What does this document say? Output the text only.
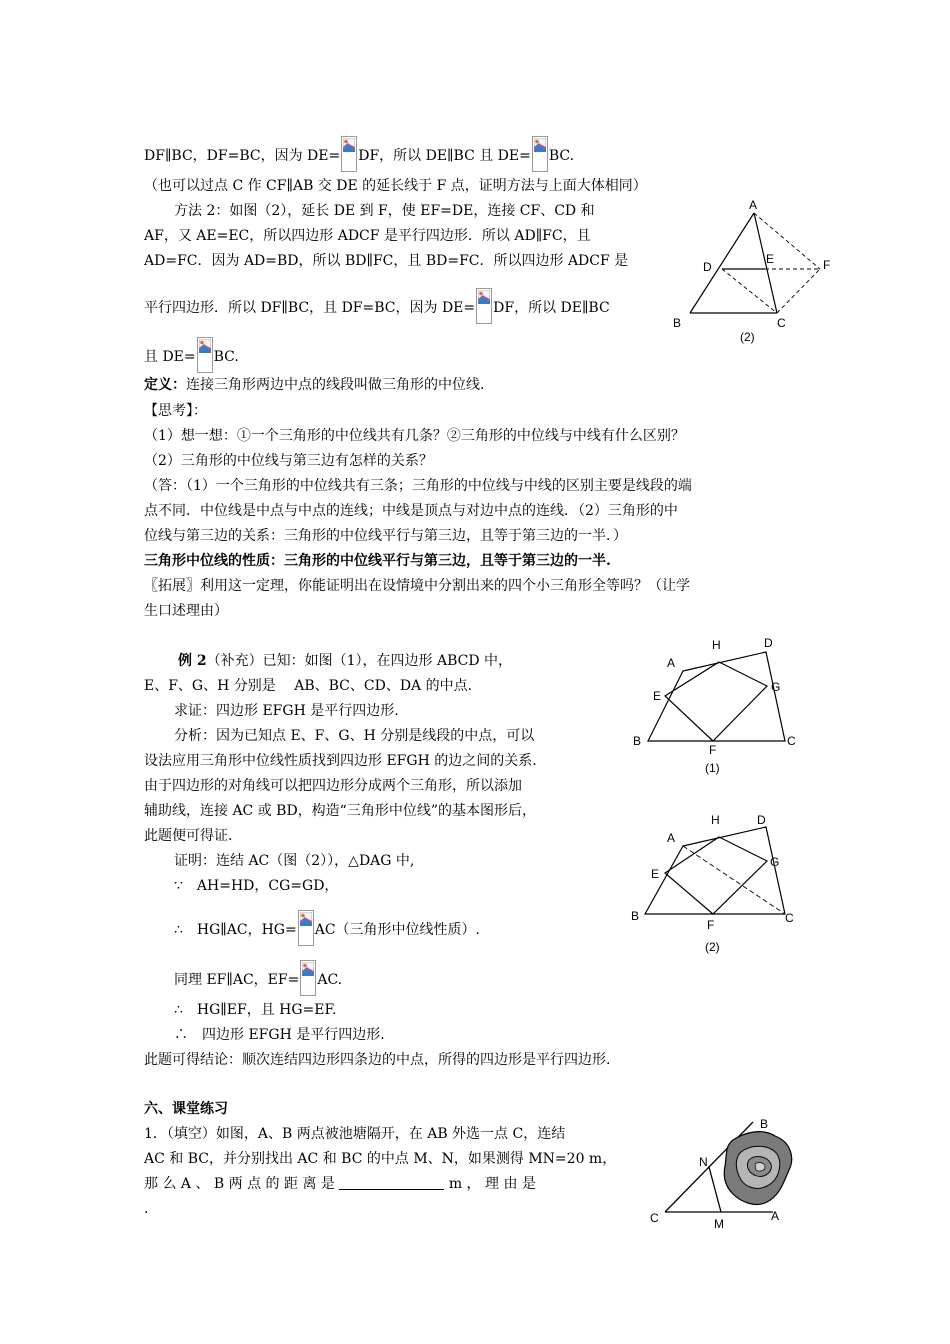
DF∥BC，DF=BC，因为 DE= DF，所以 DE∥BC 且 DE= BC.
（也可以过点 C 作 CF∥AB 交 DE 的延长线于 F 点，证明方法与上面大体相同）
方法 2：如图（2），延长 DE 到 F，使 EF=DE，连接 CF、CD 和
AF，又 AE=EC，所以四边形 ADCF 是平行四边形．所以 AD∥FC，且
AD=FC．因为 AD=BD，所以 BD∥FC，且 BD=FC．所以四边形 ADCF 是
平行四边形．所以 DF∥BC，且 DF=BC，因为 DE= DF，所以 DE∥BC
且 DE= BC.
A
D
E	F
B	C
(2)
定义：连接三角形两边中点的线段叫做三角形的中位线.
【思考】：
（1）想一想：①一个三角形的中位线共有几条？②三角形的中位线与中线有什么区别？
（2）三角形的中位线与第三边有怎样的关系？
（答：（1）一个三角形的中位线共有三条；三角形的中位线与中线的区别主要是线段的端
点不同．中位线是中点与中点的连线；中线是顶点与对边中点的连线．（2）三角形的中
位线与第三边的关系：三角形的中位线平行与第三边，且等于第三边的一半．）
三角形中位线的性质：三角形的中位线平行与第三边，且等于第三边的一半.
〖拓展〗利用这一定理，你能证明出在设情境中分割出来的四个小三角形全等吗？（让学
生口述理由）
例 2（补充）已知：如图（1），在四边形 ABCD 中，
E、F、G、H 分别是　 AB、BC、CD、DA 的中点.
求证：四边形 EFGH 是平行四边形.
分析：因为已知点 E、F、G、H 分别是线段的中点，可以
设法应用三角形中位线性质找到四边形 EFGH 的边之间的关系.
由于四边形的对角线可以把四边形分成两个三角形，所以添加
辅助线，连接 AC 或 BD，构造“三角形中位线”的基本图形后，
此题便可得证.
证明：连结 AC（图（2）），△DAG 中,
∵　AH=HD，CG=GD，
∴　HG∥AC，HG= AC（三角形中位线性质）.
同理 EF∥AC，EF= AC.
∴　HG∥EF，且 HG=EF.
∴　四边形 EFGH 是平行四边形.
此题可得结论：顺次连结四边形四条边的中点，所得的四边形是平行四边形.
A
H	D
E
G
B
F
C
(1)
A
H	D
E
G
B
F	C
(2)
六、课堂练习
1．（填空）如图，A、B 两点被池塘隔开，在 AB 外选一点 C，连结
AC 和 BC，并分别找出 AC 和 BC 的中点 M、N，如果测得 MN=20 m，
那 么 A 、 B 两 点 的 距 离 是	m ， 理 由 是
.
B
N
C	M
A
